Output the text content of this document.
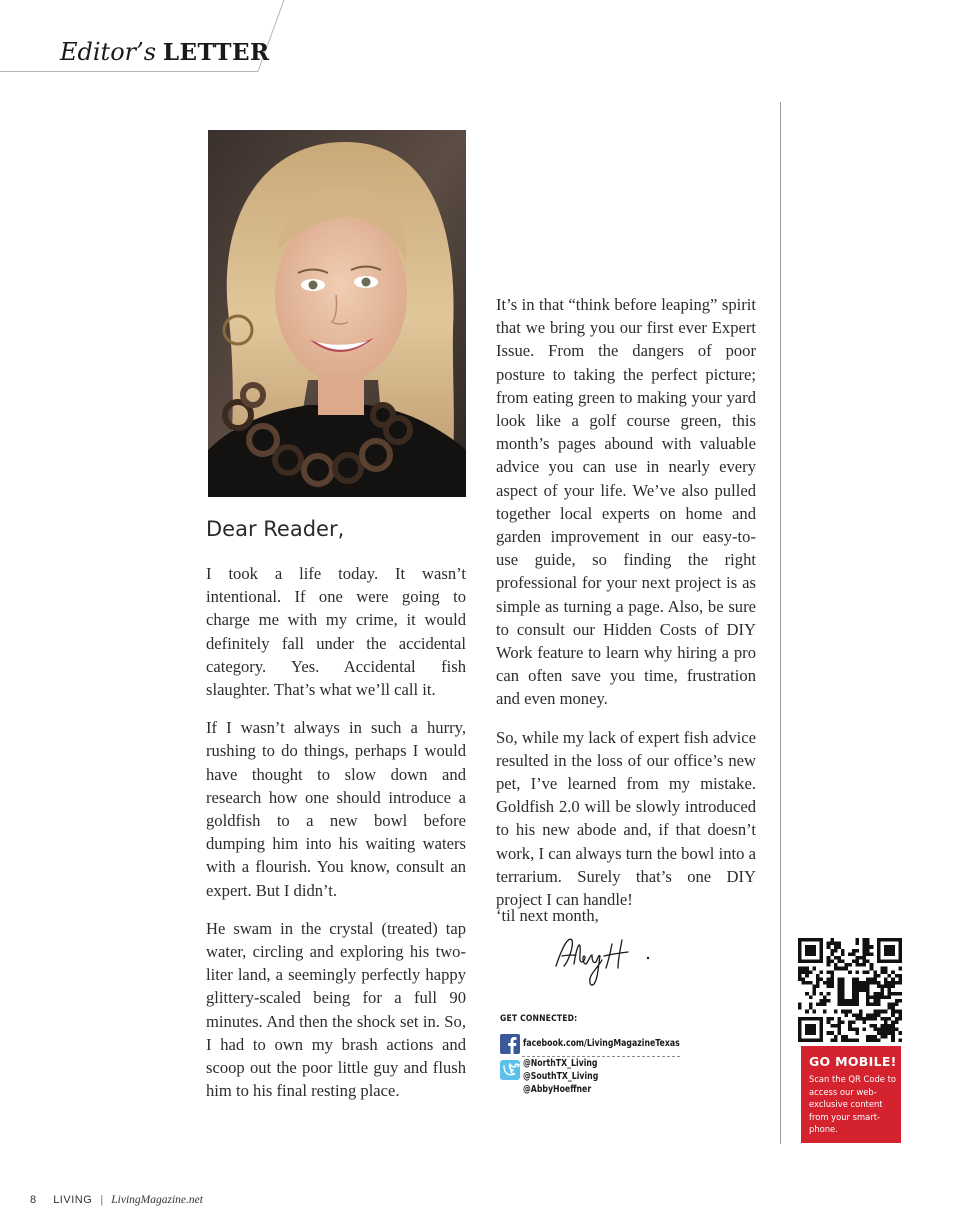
Editor’s LETTER
Dear Reader,

I took a life today. It wasn’t intentional. If one were going to charge me with my crime, it would definitely fall under the accidental category. Yes. Accidental fish slaughter. That’s what we’ll call it.

If I wasn’t always in such a hurry, rushing to do things, perhaps I would have thought to slow down and research how one should introduce a goldfish to a new bowl before dumping him into his waiting waters with a flourish. You know, consult an expert. But I didn’t.

He swam in the crystal (treated) tap water, circling and exploring his two-liter land, a seemingly perfectly happy glittery-scaled being for a full 90 minutes. And then the shock set in. So, I had to own my brash actions and scoop out the poor little guy and flush him to his final resting place.

It’s in that “think before leaping” spirit that we bring you our first ever Expert Issue. From the dangers of poor posture to taking the perfect picture; from eating green to making your yard look like a golf course green, this month’s pages abound with valuable advice you can use in nearly every aspect of your life. We’ve also pulled together local experts on home and garden improvement in our easy-to-use guide, so finding the right professional for your next project is as simple as turning a page. Also, be sure to consult our Hidden Costs of DIY Work feature to learn why hiring a pro can often save you time, frustration and even money.

So, while my lack of expert fish advice resulted in the loss of our office’s new pet, I’ve learned from my mistake. Goldfish 2.0 will be slowly introduced to his new abode and, if that doesn’t work, I can always turn the bowl into a terrarium. Surely that’s one DIY project I can handle!

‘til next month,
GET CONNECTED:
facebook.com/LivingMagazineTexas
@NorthTX_Living
@SouthTX_Living
@AbbyHoeffner
GO MOBILE!
Scan the QR Code to access our web-exclusive content from your smart-phone.
8 LIVING | LivingMagazine.net
